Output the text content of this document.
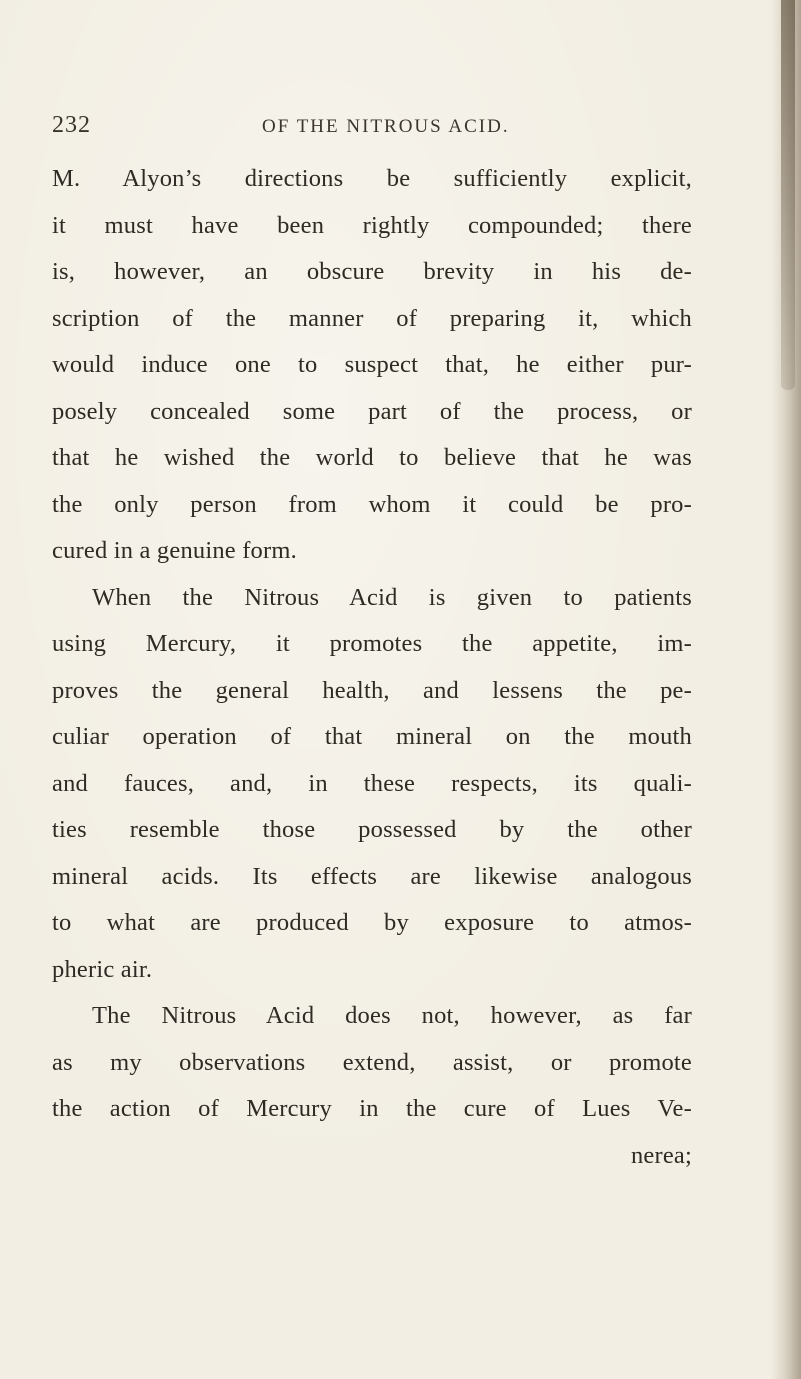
232	OF THE NITROUS ACID.
M. Alyon’s directions be sufficiently explicit,
it must have been rightly compounded; there
is, however, an obscure brevity in his de-
scription of the manner of preparing it, which
would induce one to suspect that, he either pur-
posely concealed some part of the process, or
that he wished the world to believe that he was
the only person from whom it could be pro-
cured in a genuine form.
When the Nitrous Acid is given to patients
using Mercury, it promotes the appetite, im-
proves the general health, and lessens the pe-
culiar operation of that mineral on the mouth
and fauces, and, in these respects, its quali-
ties resemble those possessed by the other
mineral acids. Its effects are likewise analogous
to what are produced by exposure to atmos-
pheric air.
The Nitrous Acid does not, however, as far
as my observations extend, assist, or promote
the action of Mercury in the cure of Lues Ve-
nerea;
